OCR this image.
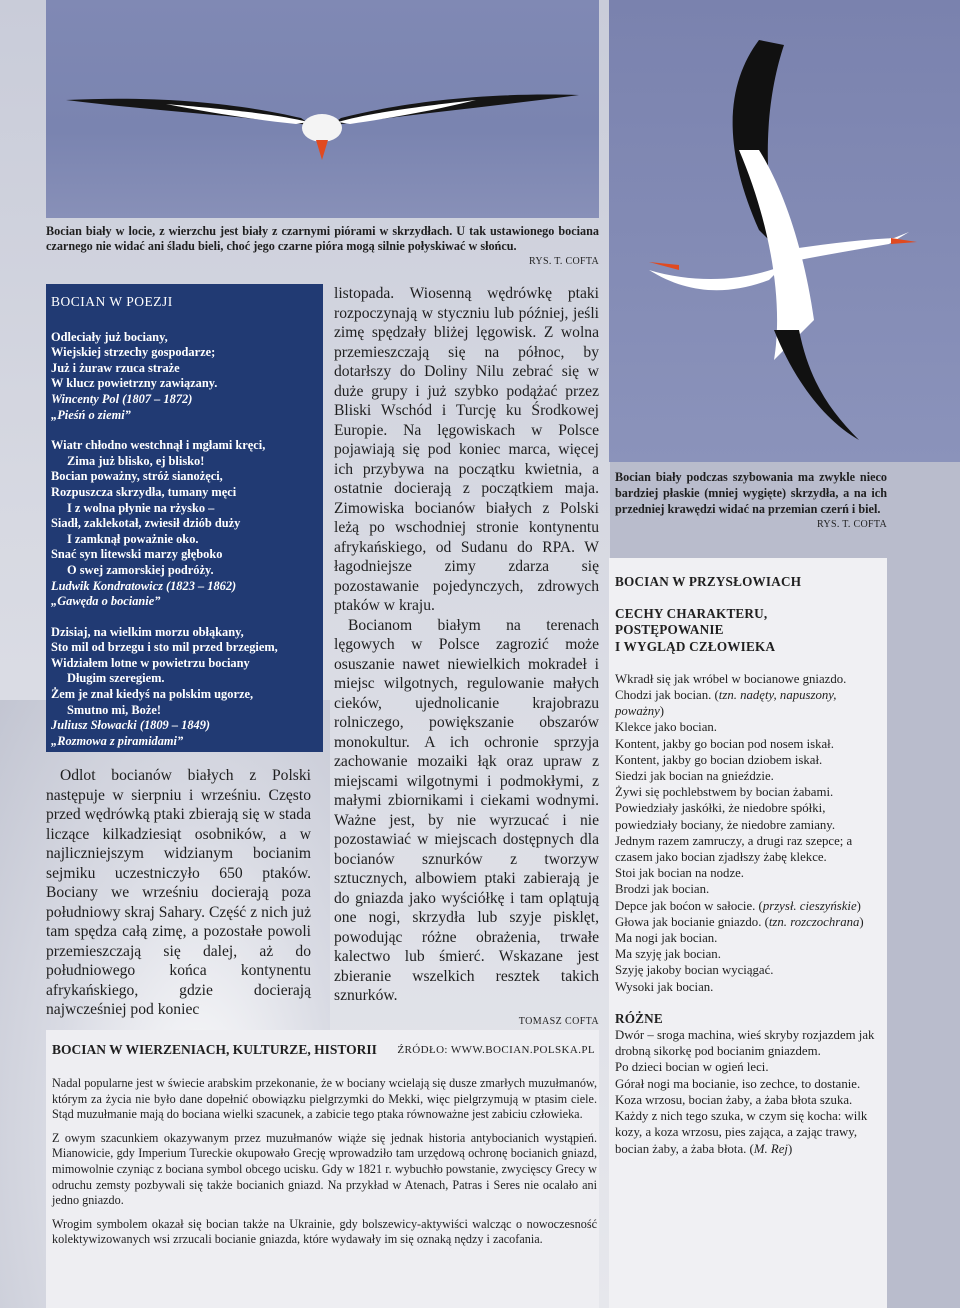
Bocian biały w locie, z wierzchu jest biały z czarnymi piórami w skrzydłach. U tak ustawionego bociana czarnego nie widać ani śladu bieli, choć jego czarne pióra mogą silnie połyskiwać w słońcu.
RYS. T. COFTA
BOCIAN W POEZJI
Odleciały już bociany,
Wiejskiej strzechy gospodarze;
Już i żuraw rzuca straże
W klucz powietrzny zawiązany.
Wincenty Pol (1807 – 1872)
„Pieśń o ziemi”
Wiatr chłodno westchnął i mgłami kręci,
Zima już blisko, ej blisko!
Bocian poważny, stróż sianożęci,
Rozpuszcza skrzydła, tumany męci
I z wolna płynie na rżysko –
Siadł, zaklekotał, zwiesił dziób duży
I zamknął poważnie oko.
Snać syn litewski marzy głęboko
O swej zamorskiej podróży.
Ludwik Kondratowicz (1823 – 1862)
„Gawęda o bocianie”
Dzisiaj, na wielkim morzu obłąkany,
Sto mil od brzegu i sto mil przed brzegiem,
Widziałem lotne w powietrzu bociany
Długim szeregiem.
Żem je znał kiedyś na polskim ugorze,
Smutno mi, Boże!
Juliusz Słowacki (1809 – 1849)
„Rozmowa z piramidami”

Odlot bocianów białych z Polski następuje w sierpniu i wrześniu. Często przed wędrówką ptaki zbierają się w stada liczące kilkadziesiąt osobników, a w najliczniejszym widzianym bocianim sejmiku uczestniczyło 650 ptaków. Bociany we wrześniu docierają poza południowy skraj Sahary. Część z nich już tam spędza całą zimę, a pozostałe powoli przemieszczają się dalej, aż do południowego końca kontynentu afrykańskiego, gdzie docierają najwcześniej pod koniec

listopada. Wiosenną wędrówkę ptaki rozpoczynają w styczniu lub później, jeśli zimę spędzały bliżej lęgowisk. Z wolna przemieszczają się na północ, by dotarłszy do Doliny Nilu zebrać się w duże grupy i już szybko podążać przez Bliski Wschód i Turcję ku Środkowej Europie. Na lęgowiskach w Polsce pojawiają się pod koniec marca, więcej ich przybywa na początku kwietnia, a ostatnie docierają z początkiem maja. Zimowiska bocianów białych z Polski leżą po wschodniej stronie kontynentu afrykańskiego, od Sudanu do RPA. W łagodniejsze zimy zdarza się pozostawanie pojedynczych, zdrowych ptaków w kraju.

Bocianom białym na terenach lęgowych w Polsce zagrozić może osuszanie nawet niewielkich mokradeł i miejsc wilgotnych, regulowanie małych cieków, ujednolicanie krajobrazu rolniczego, powiększanie obszarów monokultur. A ich ochronie sprzyja zachowanie mozaiki łąk oraz upraw z miejscami wilgotnymi i podmokłymi, z małymi zbiornikami i ciekami wodnymi. Ważne jest, by nie wyrzucać i nie pozostawiać w miejscach dostępnych dla bocianów sznurków z tworzyw sztucznych, albowiem ptaki zabierają je do gniazda jako wyściółkę i tam oplątują one nogi, skrzydła lub szyje pisklęt, powodując różne obrażenia, trwałe kalectwo lub śmierć. Wskazane jest zbieranie wszelkich resztek takich sznurków.

TOMASZ COFTA
BOCIAN W WIERZENIACH, KULTURZE, HISTORII ŹRÓDŁO: WWW.BOCIAN.POLSKA.PL

Nadal popularne jest w świecie arabskim przekonanie, że w bociany wcielają się dusze zmarłych muzułmanów, którym za życia nie było dane dopełnić obowiązku pielgrzymki do Mekki, więc pielgrzymują w ptasim ciele. Stąd muzułmanie mają do bociana wielki szacunek, a zabicie tego ptaka równoważne jest zabiciu człowieka.

Z owym szacunkiem okazywanym przez muzułmanów wiąże się jednak historia antybocianich wystąpień. Mianowicie, gdy Imperium Tureckie okupowało Grecję wprowadziło tam urzędową ochronę bocianich gniazd, mimowolnie czyniąc z bociana symbol obcego ucisku. Gdy w 1821 r. wybuchło powstanie, zwycięscy Grecy w odruchu zemsty pozbywali się także bocianich gniazd. Na przykład w Atenach, Patras i Seres nie ocalało ani jedno gniazdo.

Wrogim symbolem okazał się bocian także na Ukrainie, gdy bolszewicy-aktywiści walcząc o nowoczesność kolektywizowanych wsi zrzucali bocianie gniazda, które wydawały im się oznaką nędzy i zacofania.

Bocian biały podczas szybowania ma zwykle nieco bardziej płaskie (mniej wygięte) skrzydła, a na ich przedniej krawędzi widać na przemian czerń i biel.
RYS. T. COFTA
BOCIAN W PRZYSŁOWIACH
CECHY CHARAKTERU,
POSTĘPOWANIE
I WYGLĄD CZŁOWIEKA

Wkradł się jak wróbel w bocianowe gniazdo.

Chodzi jak bocian. (tzn. nadęty, napuszony, poważny)

Klekce jako bocian.

Kontent, jakby go bocian pod nosem iskał.

Kontent, jakby go bocian dziobem iskał.

Siedzi jak bocian na gnieździe.

Żywi się pochlebstwem by bocian żabami.

Powiedziały jaskółki, że niedobre spółki, powiedziały bociany, że niedobre zamiany.

Jednym razem zamruczy, a drugi raz szepce; a czasem jako bocian zjadłszy żabę klekce.

Stoi jak bocian na nodze.

Brodzi jak bocian.

Depce jak boćon w sałocie. (przysł. cieszyńskie)

Głowa jak bocianie gniazdo. (tzn. rozczochrana)

Ma nogi jak bocian.

Ma szyję jak bocian.

Szyję jakoby bocian wyciągać.

Wysoki jak bocian.

RÓŻNE

Dwór – sroga machina, wieś skryby rozjazdem jak drobną sikorkę pod bocianim gniazdem.

Po dzieci bocian w ogień leci.

Górał nogi ma bocianie, iso zechce, to dostanie.

Koza wrzosu, bocian żaby, a żaba błota szuka.

Każdy z nich tego szuka, w czym się kocha: wilk kozy, a koza wrzosu, pies zająca, a zając trawy, bocian żaby, a żaba błota. (M. Rej)
